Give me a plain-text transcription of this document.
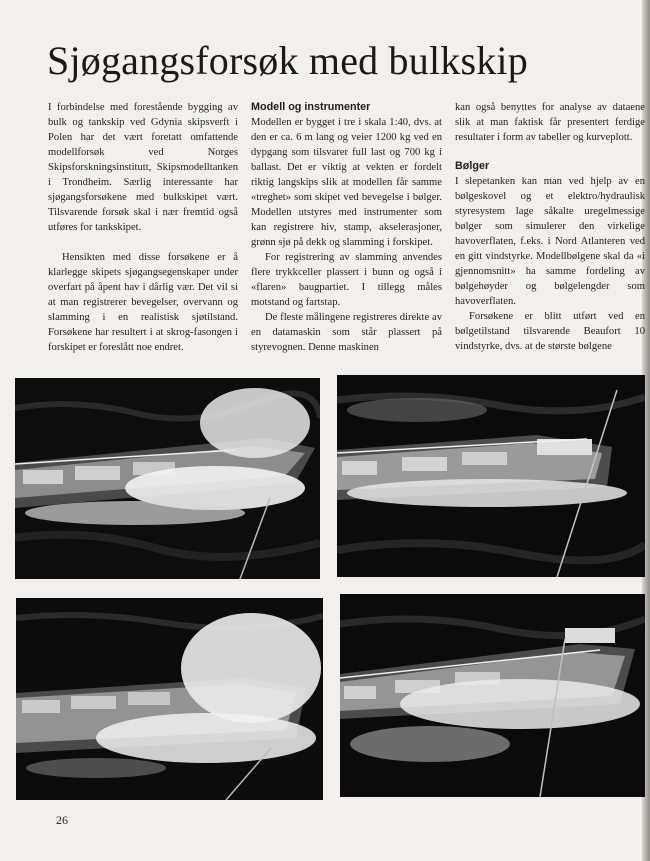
Sjøgangsforsøk med bulkskip

I forbindelse med forestående bygging av bulk og tankskip ved Gdynia skipsverft i Polen har det vært foretatt omfattende modellforsøk ved Norges Skipsforskningsinstitutt, Skipsmodelltanken i Trondheim. Særlig interessante har sjøgangsforsøkene med bulkskipet vært. Tilsvarende forsøk skal i nær fremtid også utføres for tankskipet.

Hensikten med disse forsøkene er å klarlegge skipets sjøgangsegenskaper under overfart på åpent hav i dårlig vær. Det vil si at man registrerer bevegelser, overvann og slamming i en realistisk sjøtilstand. Forsøkene har resultert i at skrog-fasongen i forskipet er foreslått noe endret.

Modell og instrumenter

Modellen er bygget i tre i skala 1:40, dvs. at den er ca. 6 m lang og veier 1200 kg ved en dypgang som tilsvarer full last og 700 kg i ballast. Det er viktig at vekten er fordelt riktig langskips slik at modellen får samme «treghet» som skipet ved bevegelse i bølger. Modellen utstyres med instrumenter som kan registrere hiv, stamp, akselerasjoner, grønn sjø på dekk og slamming i forskipet.

For registrering av slamming anvendes flere trykkceller plassert i bunn og også i «flaren» baugpartiet. I tillegg måles motstand og fartstap.

De fleste målingene registreres direkte av en datamaskin som står plassert på styrevognen. Denne maskinen

kan også benyttes for analyse av dataene slik at man faktisk får presentert ferdige resultater i form av tabeller og kurveplott.

Bølger

I slepetanken kan man ved hjelp av en bølgeskovel og et elektro/hydraulisk styresystem lage såkalte uregelmessige bølger som simulerer den virkelige havoverflaten, f.eks. i Nord Atlanteren ved en gitt vindstyrke. Modellbølgene skal da «i gjennomsnitt» ha samme fordeling av bølgehøyder og bølgelengder som havoverflaten.

Forsøkene er blitt utført ved en bølgetilstand tilsvarende Beaufort 10 vindstyrke, dvs. at de største bølgene

26
